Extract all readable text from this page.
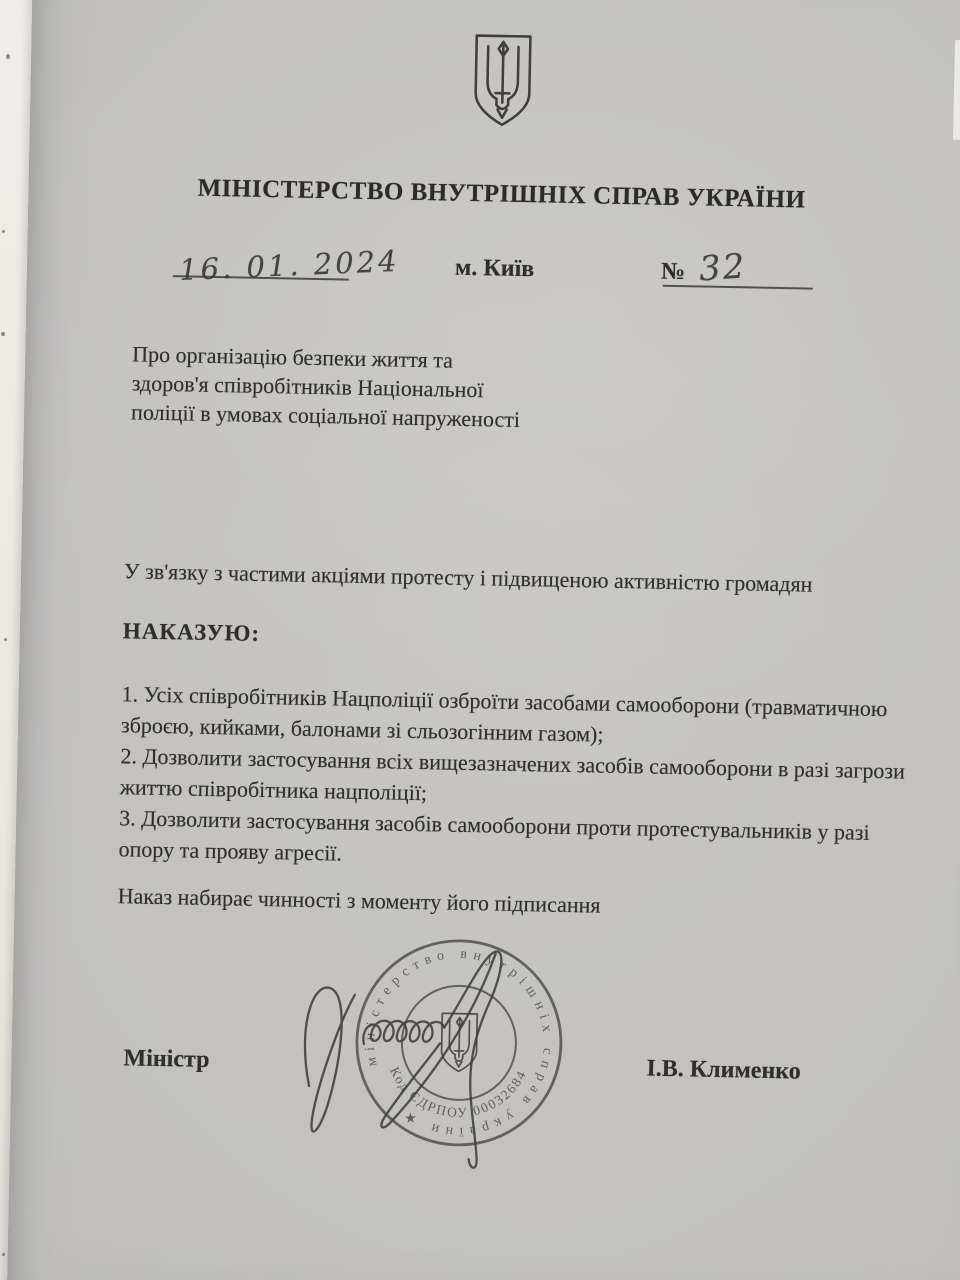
МІНІСТЕРСТВО ВНУТРІШНІХ СПРАВ УКРАЇНИ
16. 01. 2024 м. Київ	№ 32
Про організацію безпеки життя та
здоров'я співробітників Національної
поліції в умовах соціальної напруженості
У зв'язку з частими акціями протесту і підвищеною активністю громадян
НАКАЗУЮ:

1. Усіх співробітників Нацполіції озброїти засобами самооборони (травматичною зброєю, кийками, балонами зі сльозогінним газом);

2. Дозволити застосування всіх вищезазначених засобів самооборони в разі загрози життю співробітника нацполіції;

3. Дозволити застосування засобів самооборони проти протестувальників у разі опору та прояву агресії.

Наказ набирає чинності з моменту його підписання
Міністр	І.В. Клименко
міністерство внутрішніх справ україни ★
Код ЄДРПОУ 00032684
